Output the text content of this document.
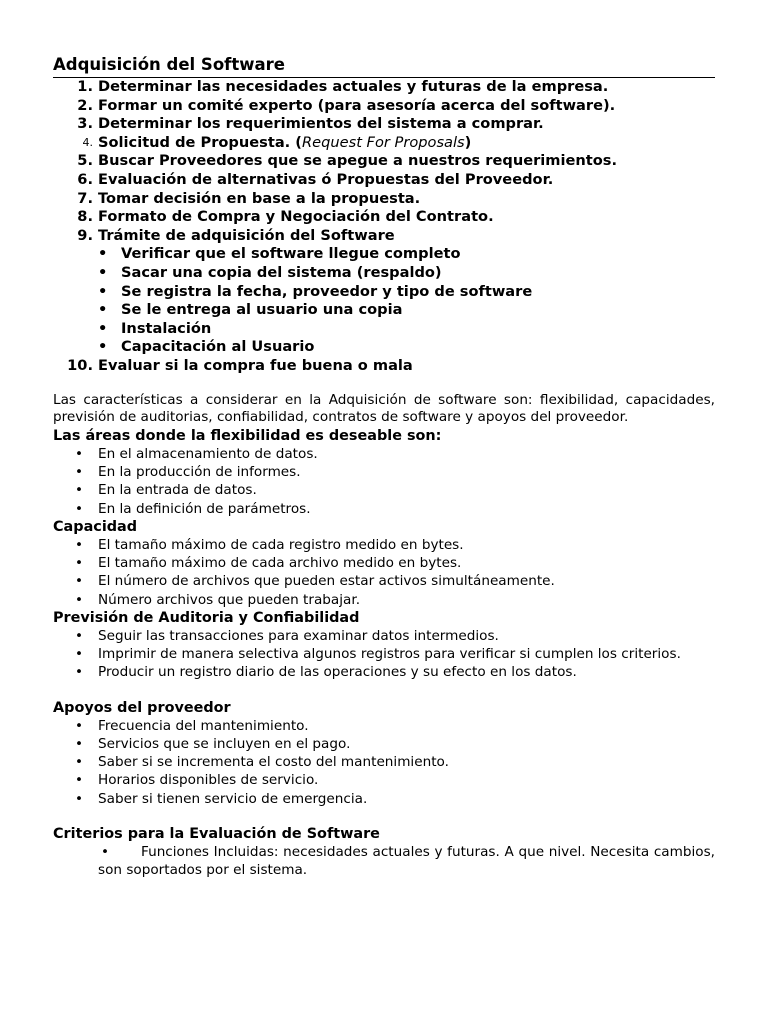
Adquisición del Software
1. Determinar las necesidades actuales y futuras de la empresa.
2. Formar un comité experto (para asesoría acerca del software).
3. Determinar los requerimientos del sistema a comprar.
4. Solicitud de Propuesta. (Request For Proposals)
5. Buscar Proveedores que se apegue a nuestros requerimientos.
6. Evaluación de alternativas ó Propuestas del Proveedor.
7. Tomar decisión en base a la propuesta.
8. Formato de Compra y Negociación del Contrato.
9. Trámite de adquisición del Software
• Verificar que el software llegue completo
• Sacar una copia del sistema (respaldo)
• Se registra la fecha, proveedor y tipo de software
• Se le entrega al usuario una copia
• Instalación
• Capacitación al Usuario
10. Evaluar si la compra fue buena o mala

Las características a considerar en la Adquisición de software son: flexibilidad, capacidades, previsión de auditorias, confiabilidad, contratos de software y apoyos del proveedor.

Las áreas donde la flexibilidad es deseable son:
• En el almacenamiento de datos.
• En la producción de informes.
• En la entrada de datos.
• En la definición de parámetros.
Capacidad
• El tamaño máximo de cada registro medido en bytes.
• El tamaño máximo de cada archivo medido en bytes.
• El número de archivos que pueden estar activos simultáneamente.
• Número archivos que pueden trabajar.
Previsión de Auditoria y Confiabilidad
• Seguir las transacciones para examinar datos intermedios.
• Imprimir de manera selectiva algunos registros para verificar si cumplen los criterios.
• Producir un registro diario de las operaciones y su efecto en los datos.
Apoyos del proveedor
• Frecuencia del mantenimiento.
• Servicios que se incluyen en el pago.
• Saber si se incrementa el costo del mantenimiento.
• Horarios disponibles de servicio.
• Saber si tienen servicio de emergencia.
Criterios para la Evaluación de Software

• Funciones Incluidas: necesidades actuales y futuras. A que nivel. Necesita cambios, son soportados por el sistema.
